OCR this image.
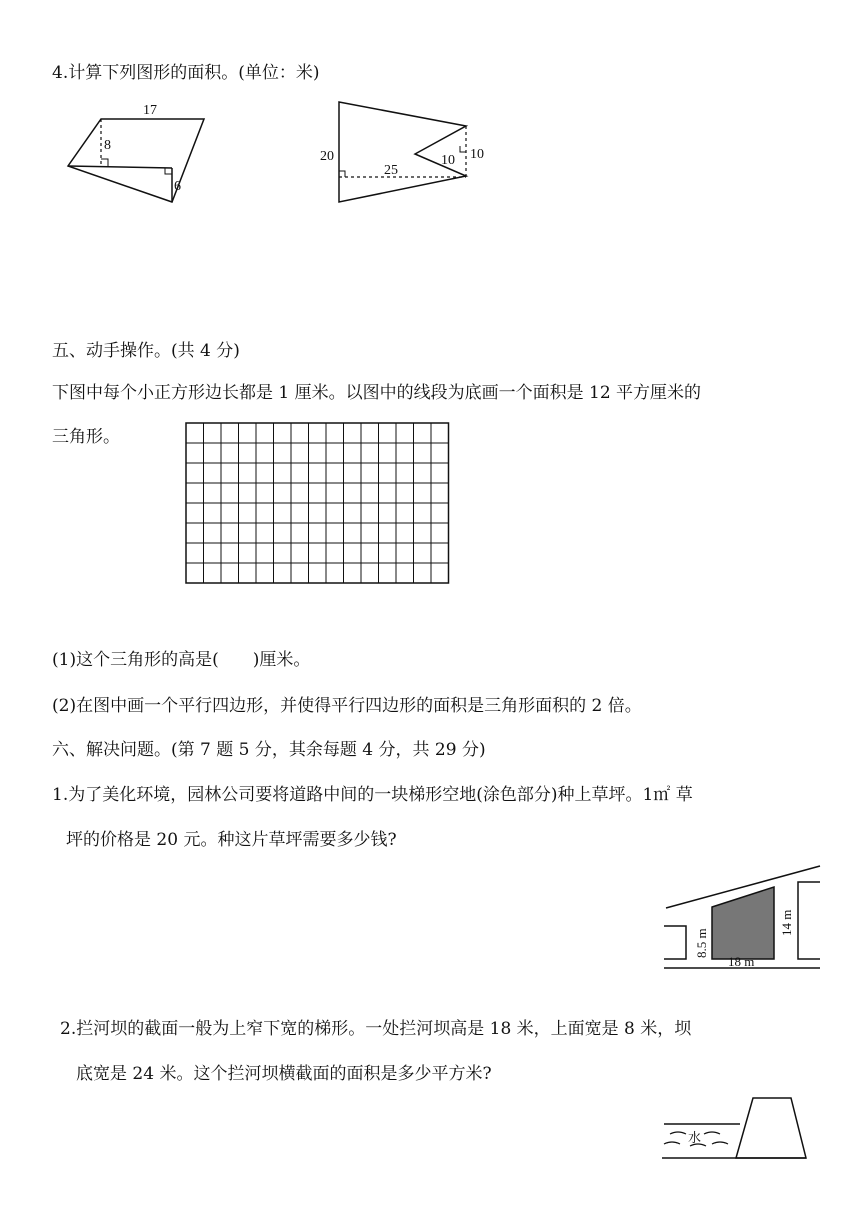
4.计算下列图形的面积。(单位：米)
17
8
6
20
25
10 10
五、动手操作。(共 4 分)
下图中每个小正方形边长都是 1 厘米。以图中的线段为底画一个面积是 12 平方厘米的
三角形。
(1)这个三角形的高是( )厘米。
(2)在图中画一个平行四边形，并使得平行四边形的面积是三角形面积的 2 倍。
六、解决问题。(第 7 题 5 分，其余每题 4 分，共 29 分)
1.为了美化环境，园林公司要将道路中间的一块梯形空地(涂色部分)种上草坪。1㎡ 草
坪的价格是 20 元。种这片草坪需要多少钱?
8.5 m
14 m
18 m
2.拦河坝的截面一般为上窄下宽的梯形。一处拦河坝高是 18 米，上面宽是 8 米，坝
底宽是 24 米。这个拦河坝横截面的面积是多少平方米?
水
